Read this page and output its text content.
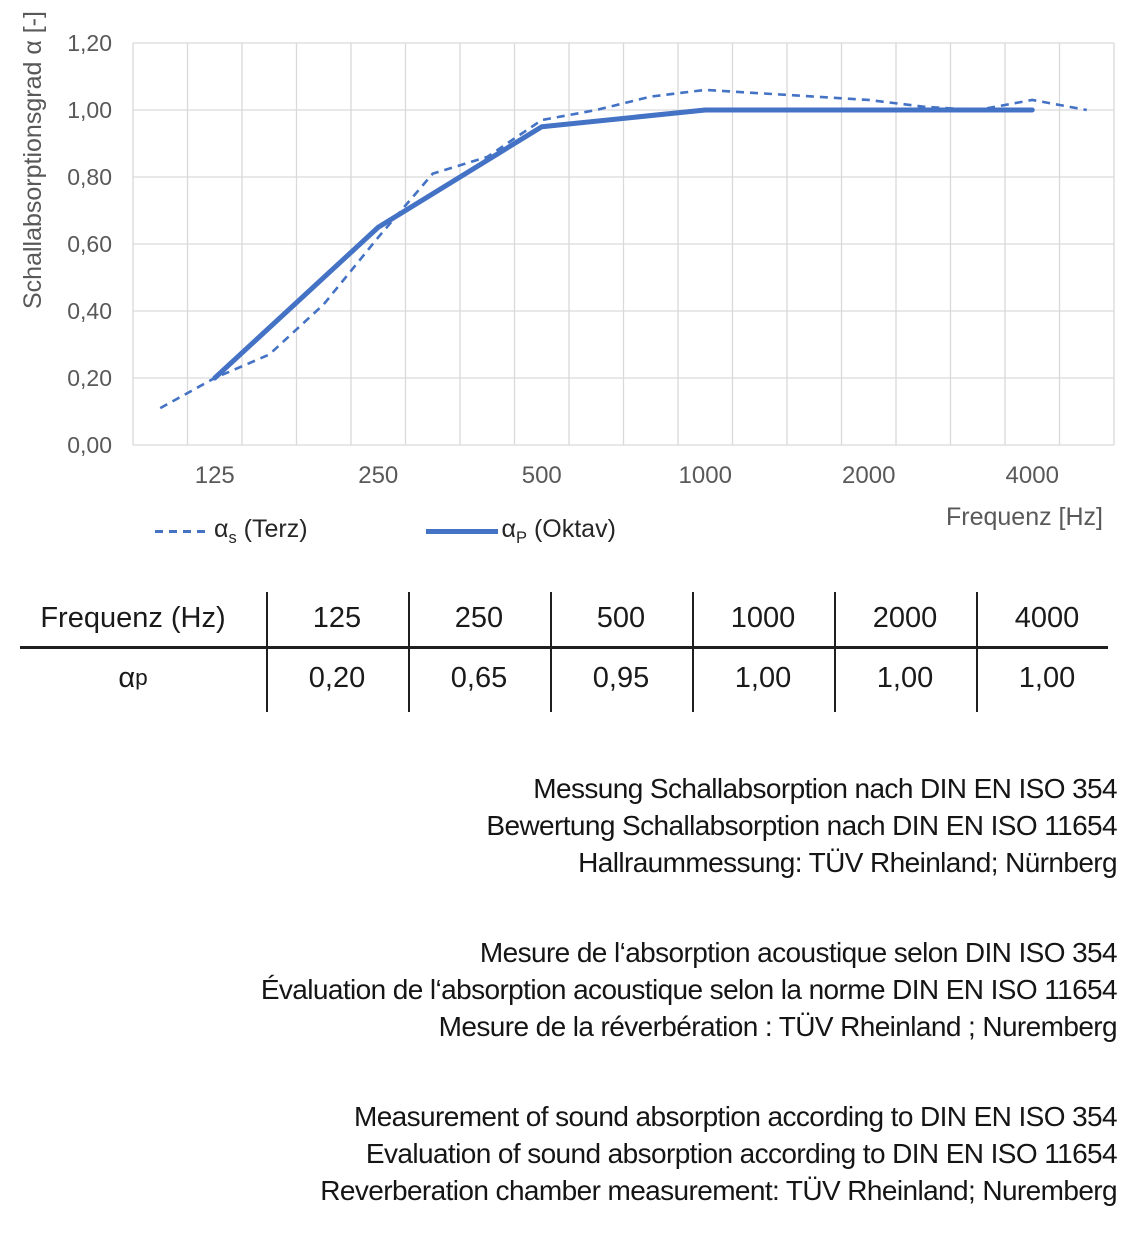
0,00
0,20
0,40
0,60
0,80
1,00
1,20
125	250	500	1000	2000	4000
Schallabsorptionsgrad α [-]
Frequenz [Hz]
$\alpha_s$ (Terz)	$\alpha_P$ (Oktav)
Frequenz (Hz)	125	250	500	1000	2000	4000
α p	0,20	0,65	0,95	1,00	1,00	1,00
Messung Schallabsorption nach DIN EN ISO 354
Bewertung Schallabsorption nach DIN EN ISO 11654
Hallraummessung: TÜV Rheinland; Nürnberg
Mesure de l‘absorption acoustique selon DIN ISO 354
Évaluation de l‘absorption acoustique selon la norme DIN EN ISO 11654
Mesure de la réverbération : TÜV Rheinland ; Nuremberg
Measurement of sound absorption according to DIN EN ISO 354
Evaluation of sound absorption according to DIN EN ISO 11654
Reverberation chamber measurement: TÜV Rheinland; Nuremberg
